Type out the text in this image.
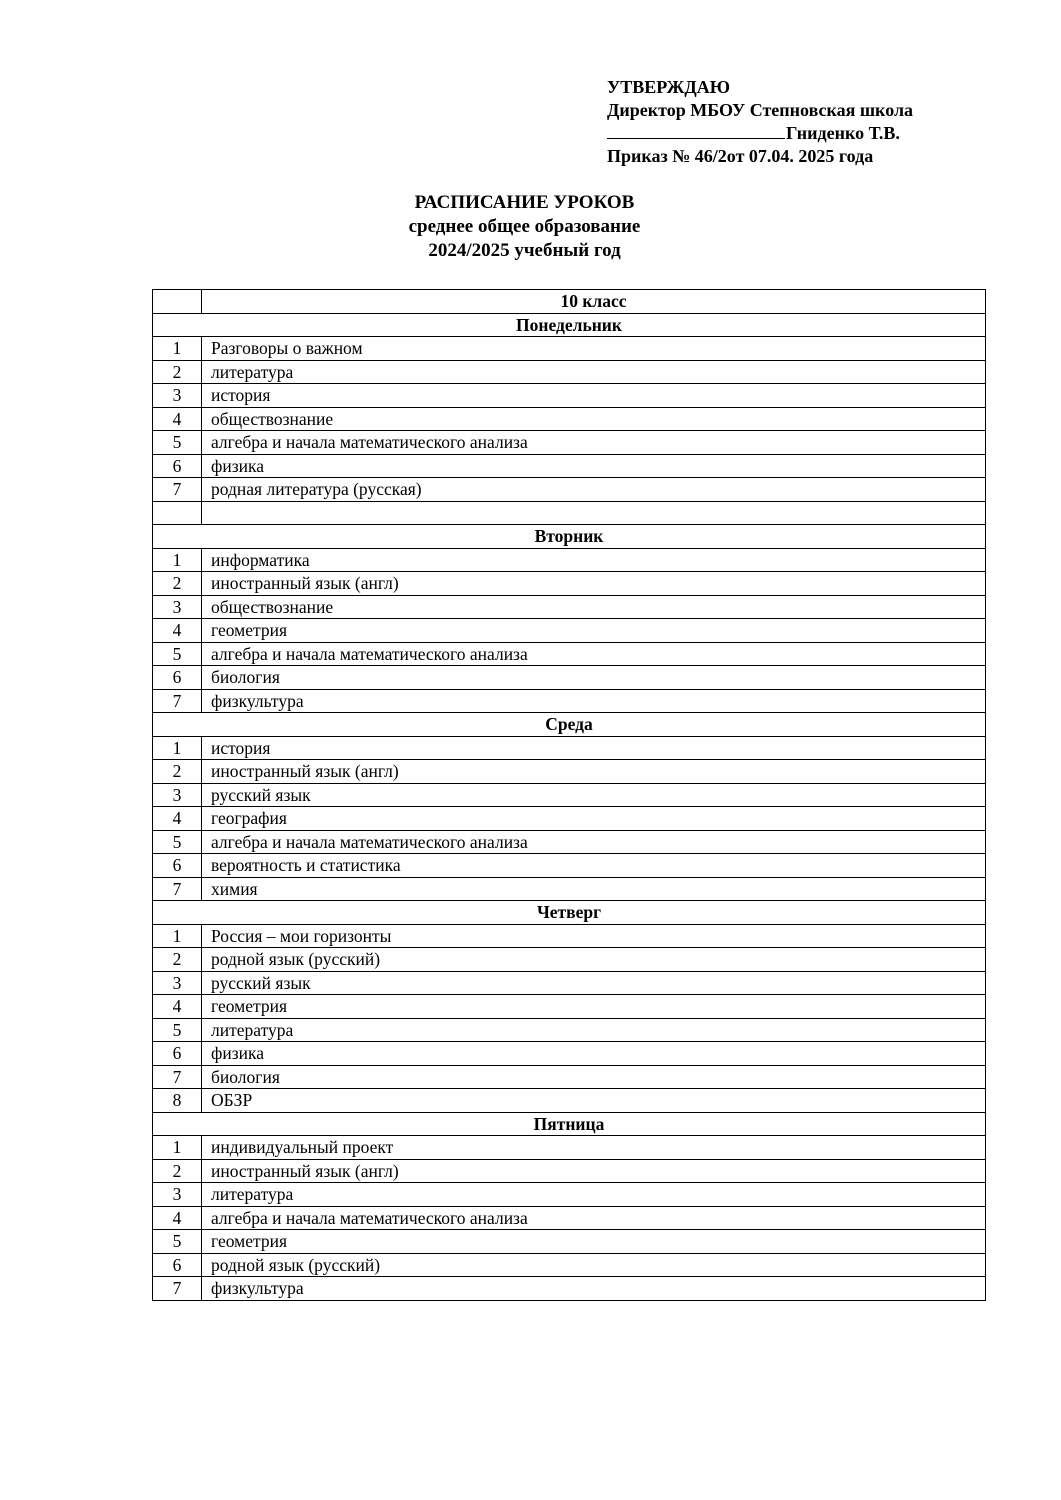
УТВЕРЖДАЮ
Директор МБОУ Степновская школа
Гниденко Т.В.
Приказ № 46/2от 07.04. 2025 года
РАСПИСАНИЕ УРОКОВ
среднее общее образование
2024/2025 учебный год
	10 класс
Понедельник	
1	Разговоры о важном
2	литература
3	история
4	обществознание
5	алгебра и начала математического анализа
6	физика
7	родная литература (русская)

Вторник	
1	информатика
2	иностранный язык (англ)
3	обществознание
4	геометрия
5	алгебра и начала математического анализа
6	биология
7	физкультура
Среда	
1	история
2	иностранный язык (англ)
3	русский язык
4	география
5	алгебра и начала математического анализа
6	вероятность и статистика
7	химия
Четверг	
1	Россия – мои горизонты
2	родной язык (русский)
3	русский язык
4	геометрия
5	литература
6	физика
7	биология
8	ОБЗР
Пятница	
1	индивидуальный проект
2	иностранный язык (англ)
3	литература
4	алгебра и начала математического анализа
5	геометрия
6	родной язык (русский)
7	физкультура
